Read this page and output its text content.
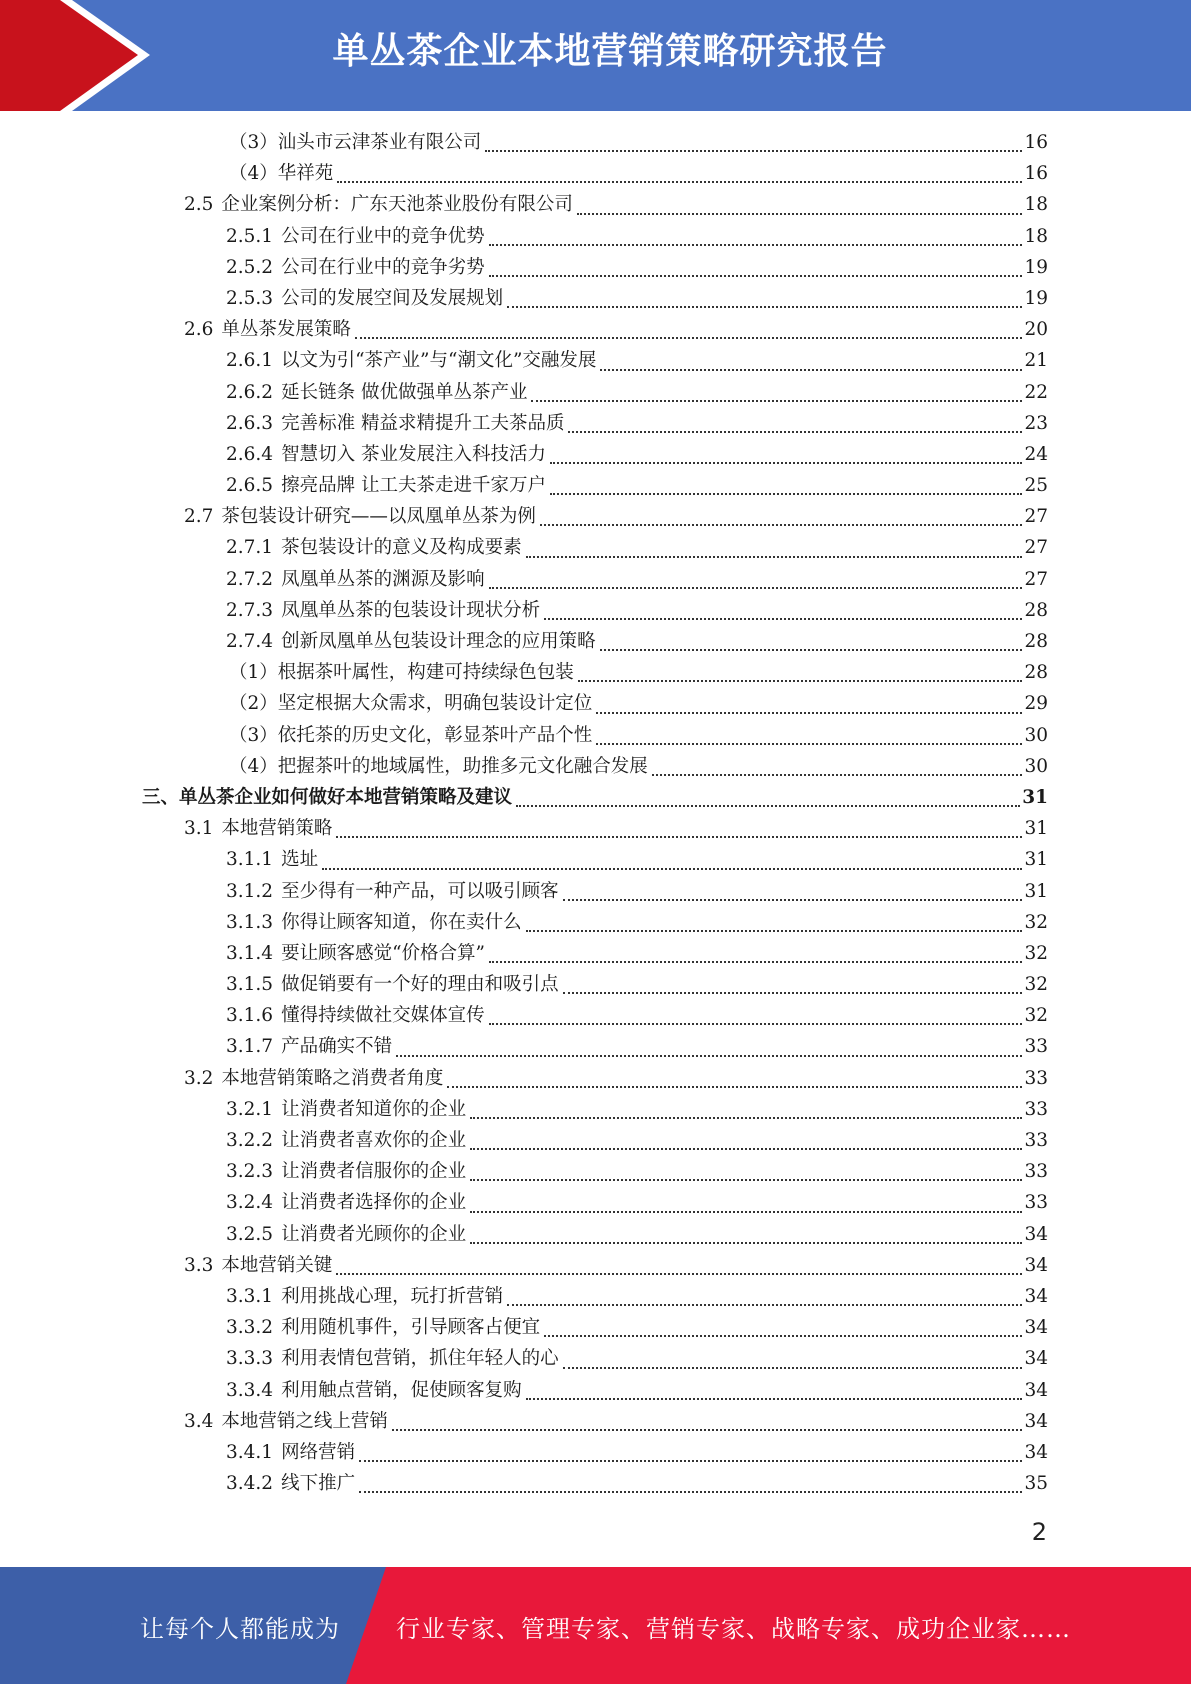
单丛茶企业本地营销策略研究报告
（3） 汕头市云津茶业有限公司	16
（4） 华祥苑	16
2.5 企业案例分析：广东天池茶业股份有限公司	18
2.5.1 公司在行业中的竞争优势	18
2.5.2 公司在行业中的竞争劣势	19
2.5.3 公司的发展空间及发展规划	19
2.6 单丛茶发展策略	20
2.6.1 以文为引“茶产业”与“潮文化”交融发展	21
2.6.2 延长链条 做优做强单丛茶产业	22
2.6.3 完善标准 精益求精提升工夫茶品质	23
2.6.4 智慧切入 茶业发展注入科技活力	24
2.6.5 擦亮品牌 让工夫茶走进千家万户	25
2.7 茶包装设计研究——以凤凰单丛茶为例	27
2.7.1 茶包装设计的意义及构成要素	27
2.7.2 凤凰单丛茶的渊源及影响	27
2.7.3 凤凰单丛茶的包装设计现状分析	28
2.7.4 创新凤凰单丛包装设计理念的应用策略	28
（1） 根据茶叶属性，构建可持续绿色包装	28
（2） 坚定根据大众需求，明确包装设计定位	29
（3） 依托茶的历史文化，彰显茶叶产品个性	30
（4） 把握茶叶的地域属性，助推多元文化融合发展	30
三、 单丛茶企业如何做好本地营销策略及建议	31
3.1 本地营销策略	31
3.1.1 选址	31
3.1.2 至少得有一种产品，可以吸引顾客	31
3.1.3 你得让顾客知道，你在卖什么	32
3.1.4 要让顾客感觉“价格合算”	32
3.1.5 做促销要有一个好的理由和吸引点	32
3.1.6 懂得持续做社交媒体宣传	32
3.1.7 产品确实不错	33
3.2 本地营销策略之消费者角度	33
3.2.1 让消费者知道你的企业	33
3.2.2 让消费者喜欢你的企业	33
3.2.3 让消费者信服你的企业	33
3.2.4 让消费者选择你的企业	33
3.2.5 让消费者光顾你的企业	34
3.3 本地营销关键	34
3.3.1 利用挑战心理，玩打折营销	34
3.3.2 利用随机事件，引导顾客占便宜	34
3.3.3 利用表情包营销，抓住年轻人的心	34
3.3.4 利用触点营销，促使顾客复购	34
3.4 本地营销之线上营销	34
3.4.1 网络营销	34
3.4.2 线下推广	35
2
让每个人都能成为 行业专家、管理专家、营销专家、战略专家、成功企业家……
